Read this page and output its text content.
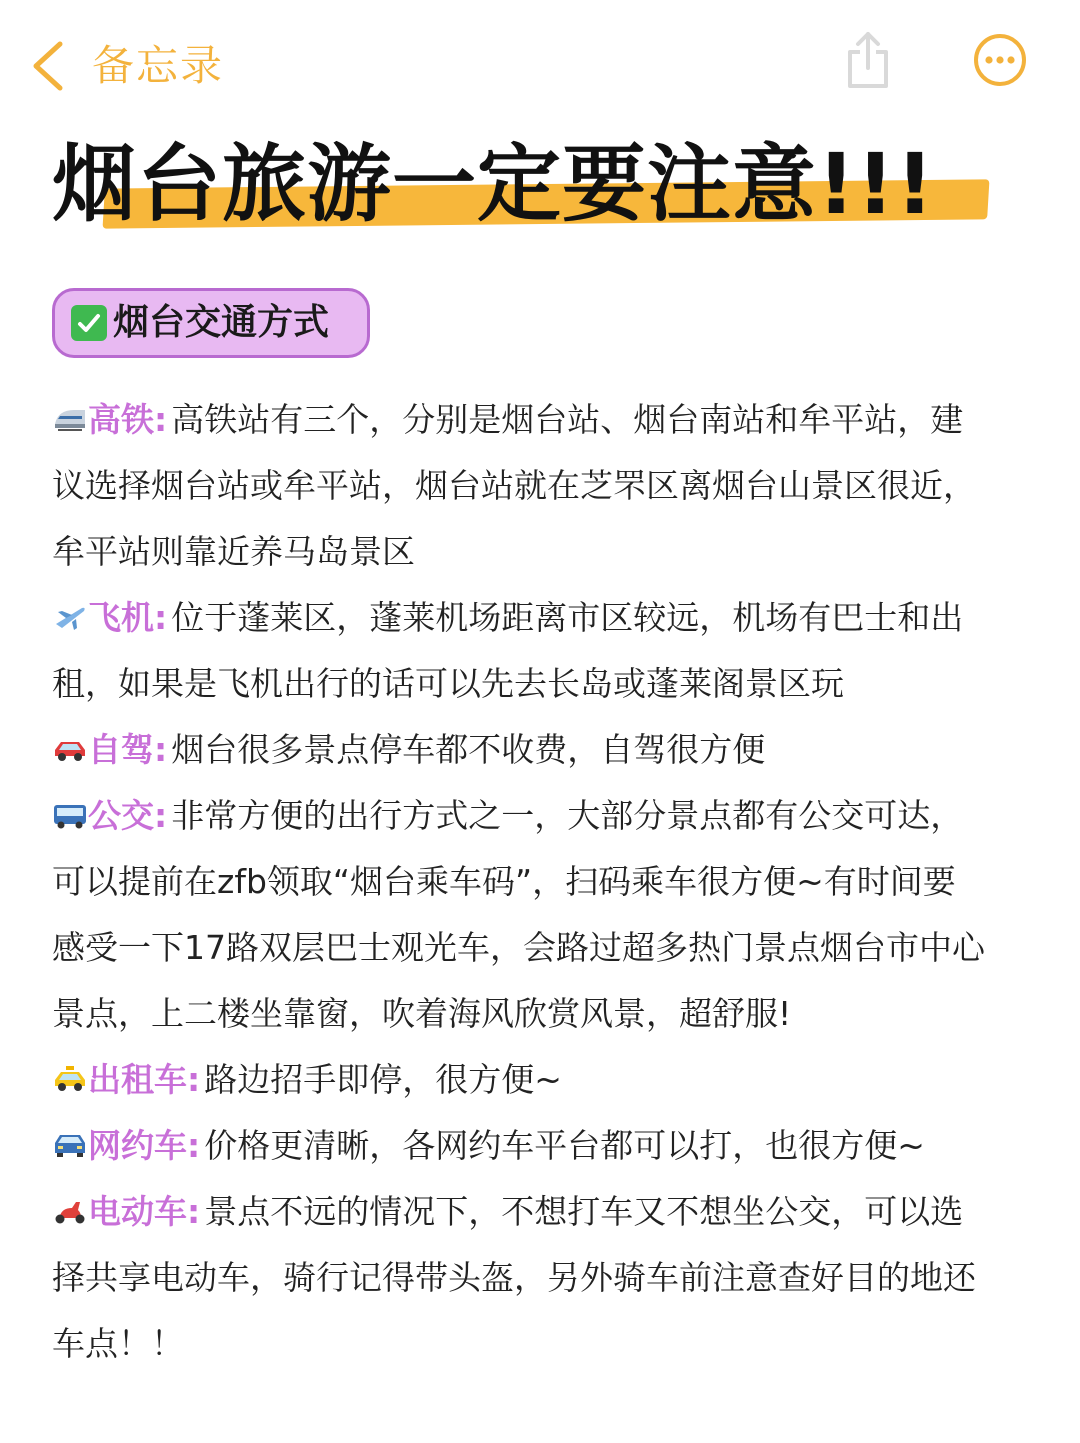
备忘录
烟台旅游一定要注意!!!
烟台交通方式
高铁: 高铁站有三个，分别是烟台站、烟台南站和牟平站，建
议选择烟台站或牟平站，烟台站就在芝罘区离烟台山景区很近，
牟平站则靠近养马岛景区
飞机: 位于蓬莱区，蓬莱机场距离市区较远，机场有巴士和出
租，如果是飞机出行的话可以先去长岛或蓬莱阁景区玩
自驾: 烟台很多景点停车都不收费，自驾很方便
公交: 非常方便的出行方式之一，大部分景点都有公交可达，
可以提前在zfb领取“烟台乘车码”，扫码乘车很方便~有时间要
感受一下17路双层巴士观光车，会路过超多热门景点烟台市中心
景点，上二楼坐靠窗，吹着海风欣赏风景，超舒服!
出租车: 路边招手即停，很方便~
网约车: 价格更清晰，各网约车平台都可以打，也很方便~
电动车: 景点不远的情况下，不想打车又不想坐公交，可以选
择共享电动车，骑行记得带头盔，另外骑车前注意查好目的地还
车点！！
